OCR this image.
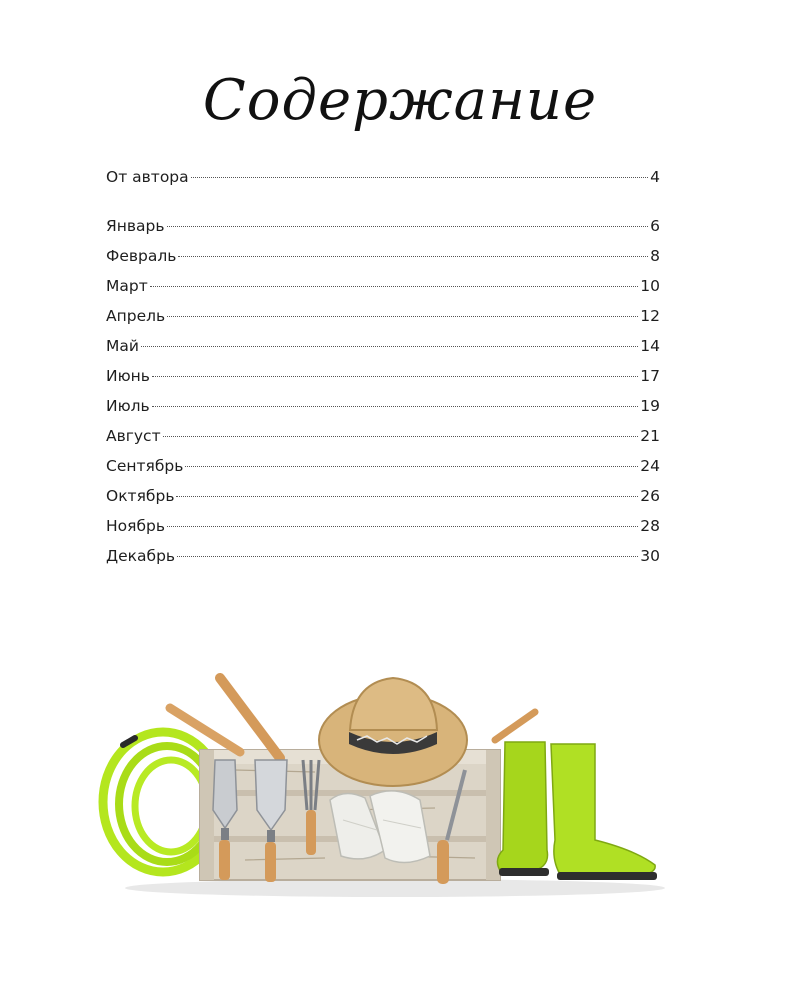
Содержание
От автора	4
Январь	6
Февраль	8
Март	10
Апрель	12
Май	14
Июнь	17
Июль	19
Август	21
Сентябрь	24
Октябрь	26
Ноябрь	28
Декабрь	30
